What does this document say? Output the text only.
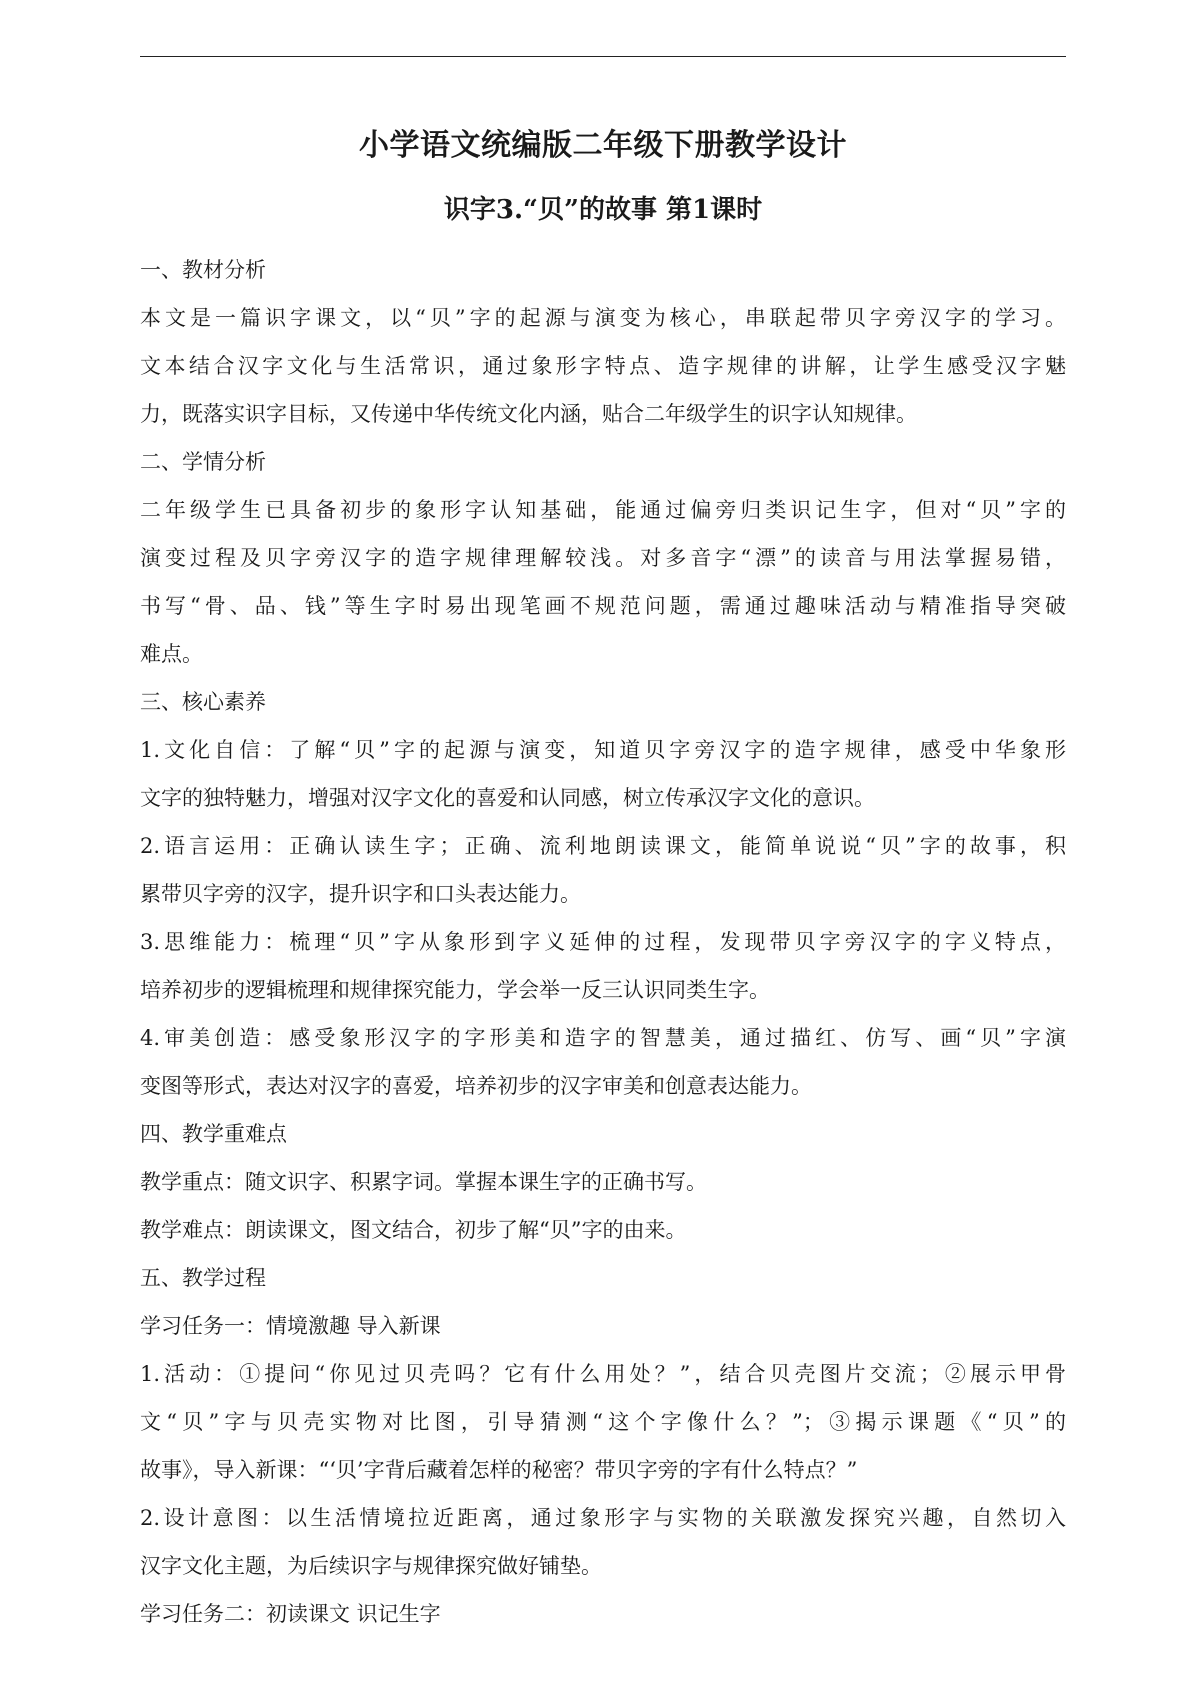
小学语文统编版二年级下册教学设计
识字3.“贝”的故事 第1课时
一、教材分析
本文是一篇识字课文，以“贝”字的起源与演变为核心，串联起带贝字旁汉字的学习。
文本结合汉字文化与生活常识，通过象形字特点、造字规律的讲解，让学生感受汉字魅
力，既落实识字目标，又传递中华传统文化内涵，贴合二年级学生的识字认知规律。
二、学情分析
二年级学生已具备初步的象形字认知基础，能通过偏旁归类识记生字，但对“贝”字的
演变过程及贝字旁汉字的造字规律理解较浅。对多音字“漂”的读音与用法掌握易错，
书写“骨、品、钱”等生字时易出现笔画不规范问题，需通过趣味活动与精准指导突破
难点。
三、核心素养
1.文化自信：了解“贝”字的起源与演变，知道贝字旁汉字的造字规律，感受中华象形
文字的独特魅力，增强对汉字文化的喜爱和认同感，树立传承汉字文化的意识。
2.语言运用：正确认读生字；正确、流利地朗读课文，能简单说说“贝”字的故事，积
累带贝字旁的汉字，提升识字和口头表达能力。
3.思维能力：梳理“贝”字从象形到字义延伸的过程，发现带贝字旁汉字的字义特点，
培养初步的逻辑梳理和规律探究能力，学会举一反三认识同类生字。
4.审美创造：感受象形汉字的字形美和造字的智慧美，通过描红、仿写、画“贝”字演
变图等形式，表达对汉字的喜爱，培养初步的汉字审美和创意表达能力。
四、教学重难点
教学重点：随文识字、积累字词。掌握本课生字的正确书写。
教学难点：朗读课文，图文结合，初步了解“贝”字的由来。
五、教学过程
学习任务一：情境激趣 导入新课
1.活动：①提问“你见过贝壳吗？它有什么用处？”，结合贝壳图片交流；②展示甲骨
文“贝”字与贝壳实物对比图，引导猜测“这个字像什么？”；③揭示课题《“贝”的
故事》，导入新课：“‘贝’字背后藏着怎样的秘密？带贝字旁的字有什么特点？”
2.设计意图：以生活情境拉近距离，通过象形字与实物的关联激发探究兴趣，自然切入
汉字文化主题，为后续识字与规律探究做好铺垫。
学习任务二：初读课文 识记生字
